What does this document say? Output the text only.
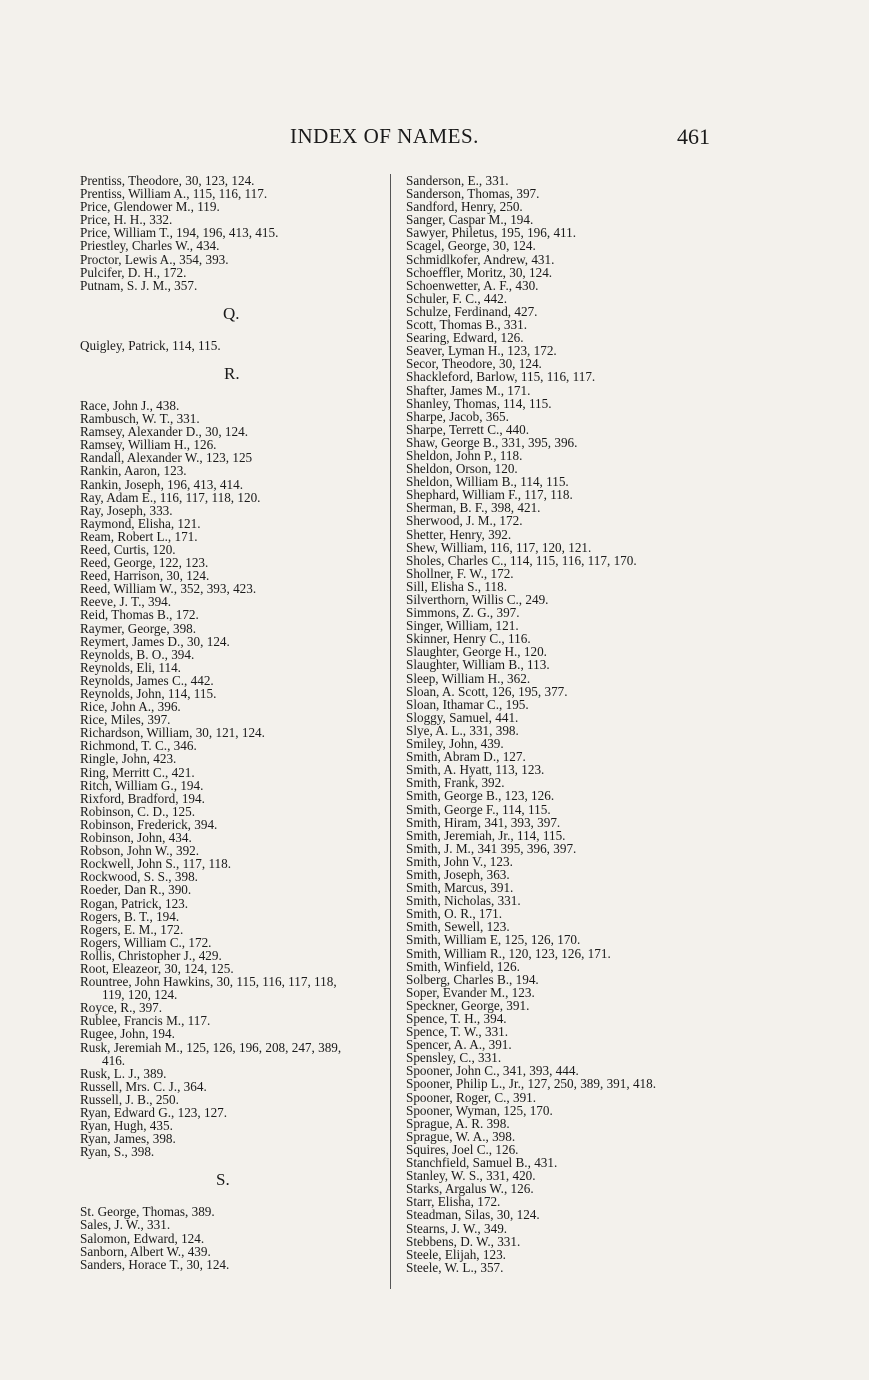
INDEX OF NAMES.	461
Prentiss, Theodore, 30, 123, 124.
Prentiss, William A., 115, 116, 117.
Price, Glendower M., 119.
Price, H. H., 332.
Price, William T., 194, 196, 413, 415.
Priestley, Charles W., 434.
Proctor, Lewis A., 354, 393.
Pulcifer, D. H., 172.
Putnam, S. J. M., 357.
Q.
Quigley, Patrick, 114, 115.
R.
Race, John J., 438.
Rambusch, W. T., 331.
Ramsey, Alexander D., 30, 124.
Ramsey, William H., 126.
Randall, Alexander W., 123, 125
Rankin, Aaron, 123.
Rankin, Joseph, 196, 413, 414.
Ray, Adam E., 116, 117, 118, 120.
Ray, Joseph, 333.
Raymond, Elisha, 121.
Ream, Robert L., 171.
Reed, Curtis, 120.
Reed, George, 122, 123.
Reed, Harrison, 30, 124.
Reed, William W., 352, 393, 423.
Reeve, J. T., 394.
Reid, Thomas B., 172.
Raymer, George, 398.
Reymert, James D., 30, 124.
Reynolds, B. O., 394.
Reynolds, Eli, 114.
Reynolds, James C., 442.
Reynolds, John, 114, 115.
Rice, John A., 396.
Rice, Miles, 397.
Richardson, William, 30, 121, 124.
Richmond, T. C., 346.
Ringle, John, 423.
Ring, Merritt C., 421.
Ritch, William G., 194.
Rixford, Bradford, 194.
Robinson, C. D., 125.
Robinson, Frederick, 394.
Robinson, John, 434.
Robson, John W., 392.
Rockwell, John S., 117, 118.
Rockwood, S. S., 398.
Roeder, Dan R., 390.
Rogan, Patrick, 123.
Rogers, B. T., 194.
Rogers, E. M., 172.
Rogers, William C., 172.
Rollis, Christopher J., 429.
Root, Eleazeor, 30, 124, 125.
Rountree, John Hawkins, 30, 115, 116, 117, 118,
119, 120, 124.
Royce, R., 397.
Rublee, Francis M., 117.
Rugee, John, 194.
Rusk, Jeremiah M., 125, 126, 196, 208, 247, 389,
416.
Rusk, L. J., 389.
Russell, Mrs. C. J., 364.
Russell, J. B., 250.
Ryan, Edward G., 123, 127.
Ryan, Hugh, 435.
Ryan, James, 398.
Ryan, S., 398.
S.
St. George, Thomas, 389.
Sales, J. W., 331.
Salomon, Edward, 124.
Sanborn, Albert W., 439.
Sanders, Horace T., 30, 124.
Sanderson, E., 331.
Sanderson, Thomas, 397.
Sandford, Henry, 250.
Sanger, Caspar M., 194.
Sawyer, Philetus, 195, 196, 411.
Scagel, George, 30, 124.
Schmidlkofer, Andrew, 431.
Schoeffler, Moritz, 30, 124.
Schoenwetter, A. F., 430.
Schuler, F. C., 442.
Schulze, Ferdinand, 427.
Scott, Thomas B., 331.
Searing, Edward, 126.
Seaver, Lyman H., 123, 172.
Secor, Theodore, 30, 124.
Shackleford, Barlow, 115, 116, 117.
Shafter, James M., 171.
Shanley, Thomas, 114, 115.
Sharpe, Jacob, 365.
Sharpe, Terrett C., 440.
Shaw, George B., 331, 395, 396.
Sheldon, John P., 118.
Sheldon, Orson, 120.
Sheldon, William B., 114, 115.
Shephard, William F., 117, 118.
Sherman, B. F., 398, 421.
Sherwood, J. M., 172.
Shetter, Henry, 392.
Shew, William, 116, 117, 120, 121.
Sholes, Charles C., 114, 115, 116, 117, 170.
Shollner, F. W., 172.
Sill, Elisha S., 118.
Silverthorn, Willis C., 249.
Simmons, Z. G., 397.
Singer, William, 121.
Skinner, Henry C., 116.
Slaughter, George H., 120.
Slaughter, William B., 113.
Sleep, William H., 362.
Sloan, A. Scott, 126, 195, 377.
Sloan, Ithamar C., 195.
Sloggy, Samuel, 441.
Slye, A. L., 331, 398.
Smiley, John, 439.
Smith, Abram D., 127.
Smith, A. Hyatt, 113, 123.
Smith, Frank, 392.
Smith, George B., 123, 126.
Smith, George F., 114, 115.
Smith, Hiram, 341, 393, 397.
Smith, Jeremiah, Jr., 114, 115.
Smith, J. M., 341 395, 396, 397.
Smith, John V., 123.
Smith, Joseph, 363.
Smith, Marcus, 391.
Smith, Nicholas, 331.
Smith, O. R., 171.
Smith, Sewell, 123.
Smith, William E, 125, 126, 170.
Smith, William R., 120, 123, 126, 171.
Smith, Winfield, 126.
Solberg, Charles B., 194.
Soper, Evander M., 123.
Speckner, George, 391.
Spence, T. H., 394.
Spence, T. W., 331.
Spencer, A. A., 391.
Spensley, C., 331.
Spooner, John C., 341, 393, 444.
Spooner, Philip L., Jr., 127, 250, 389, 391, 418.
Spooner, Roger, C., 391.
Spooner, Wyman, 125, 170.
Sprague, A. R. 398.
Sprague, W. A., 398.
Squires, Joel C., 126.
Stanchfield, Samuel B., 431.
Stanley, W. S., 331, 420.
Starks, Argalus W., 126.
Starr, Elisha, 172.
Steadman, Silas, 30, 124.
Stearns, J. W., 349.
Stebbens, D. W., 331.
Steele, Elijah, 123.
Steele, W. L., 357.
